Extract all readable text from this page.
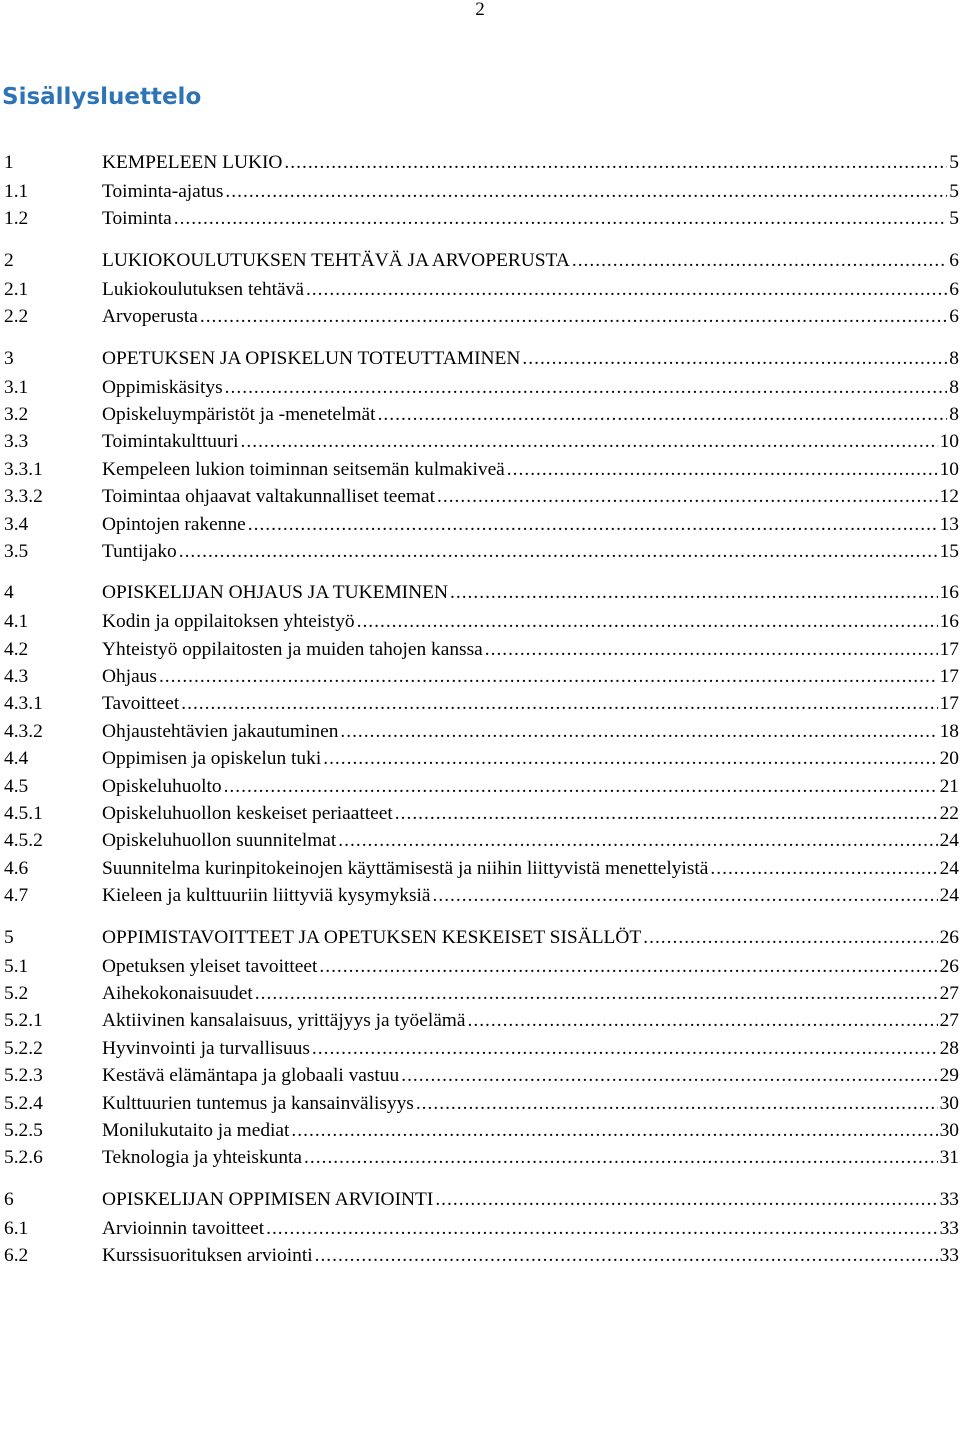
2
Sisällysluettelo
1	KEMPELEEN LUKIO .....	5
1.1	Toiminta-ajatus .....	5
1.2	Toiminta .....	5
2	LUKIOKOULUTUKSEN TEHTÄVÄ JA ARVOPERUSTA .....	6
2.1	Lukiokoulutuksen tehtävä .....	6
2.2	Arvoperusta .....	6
3	OPETUKSEN JA OPISKELUN TOTEUTTAMINEN .....	8
3.1	Oppimiskäsitys .....	8
3.2	Opiskeluympäristöt ja -menetelmät .....	8
3.3	Toimintakulttuuri .....	10
3.3.1	Kempeleen lukion toiminnan seitsemän kulmakiveä .....	10
3.3.2	Toimintaa ohjaavat valtakunnalliset teemat .....	12
3.4	Opintojen rakenne .....	13
3.5	Tuntijako .....	15
4	OPISKELIJAN OHJAUS JA TUKEMINEN .....	16
4.1	Kodin ja oppilaitoksen yhteistyö .....	16
4.2	Yhteistyö oppilaitosten ja muiden tahojen kanssa .....	17
4.3	Ohjaus .....	17
4.3.1	Tavoitteet .....	17
4.3.2	Ohjaustehtävien jakautuminen .....	18
4.4	Oppimisen ja opiskelun tuki .....	20
4.5	Opiskeluhuolto .....	21
4.5.1	Opiskeluhuollon keskeiset periaatteet .....	22
4.5.2	Opiskeluhuollon suunnitelmat .....	24
4.6	Suunnitelma kurinpitokeinojen käyttämisestä ja niihin liittyvistä menettelyistä .....	24
4.7	Kieleen ja kulttuuriin liittyviä kysymyksiä .....	24
5	OPPIMISTAVOITTEET JA OPETUKSEN KESKEISET SISÄLLÖT .....	26
5.1	Opetuksen yleiset tavoitteet .....	26
5.2	Aihekokonaisuudet .....	27
5.2.1	Aktiivinen kansalaisuus, yrittäjyys ja työelämä .....	27
5.2.2	Hyvinvointi ja turvallisuus .....	28
5.2.3	Kestävä elämäntapa ja globaali vastuu .....	29
5.2.4	Kulttuurien tuntemus ja kansainvälisyys .....	30
5.2.5	Monilukutaito ja mediat .....	30
5.2.6	Teknologia ja yhteiskunta .....	31
6	OPISKELIJAN OPPIMISEN ARVIOINTI .....	33
6.1	Arvioinnin tavoitteet .....	33
6.2	Kurssisuorituksen arviointi .....	33
